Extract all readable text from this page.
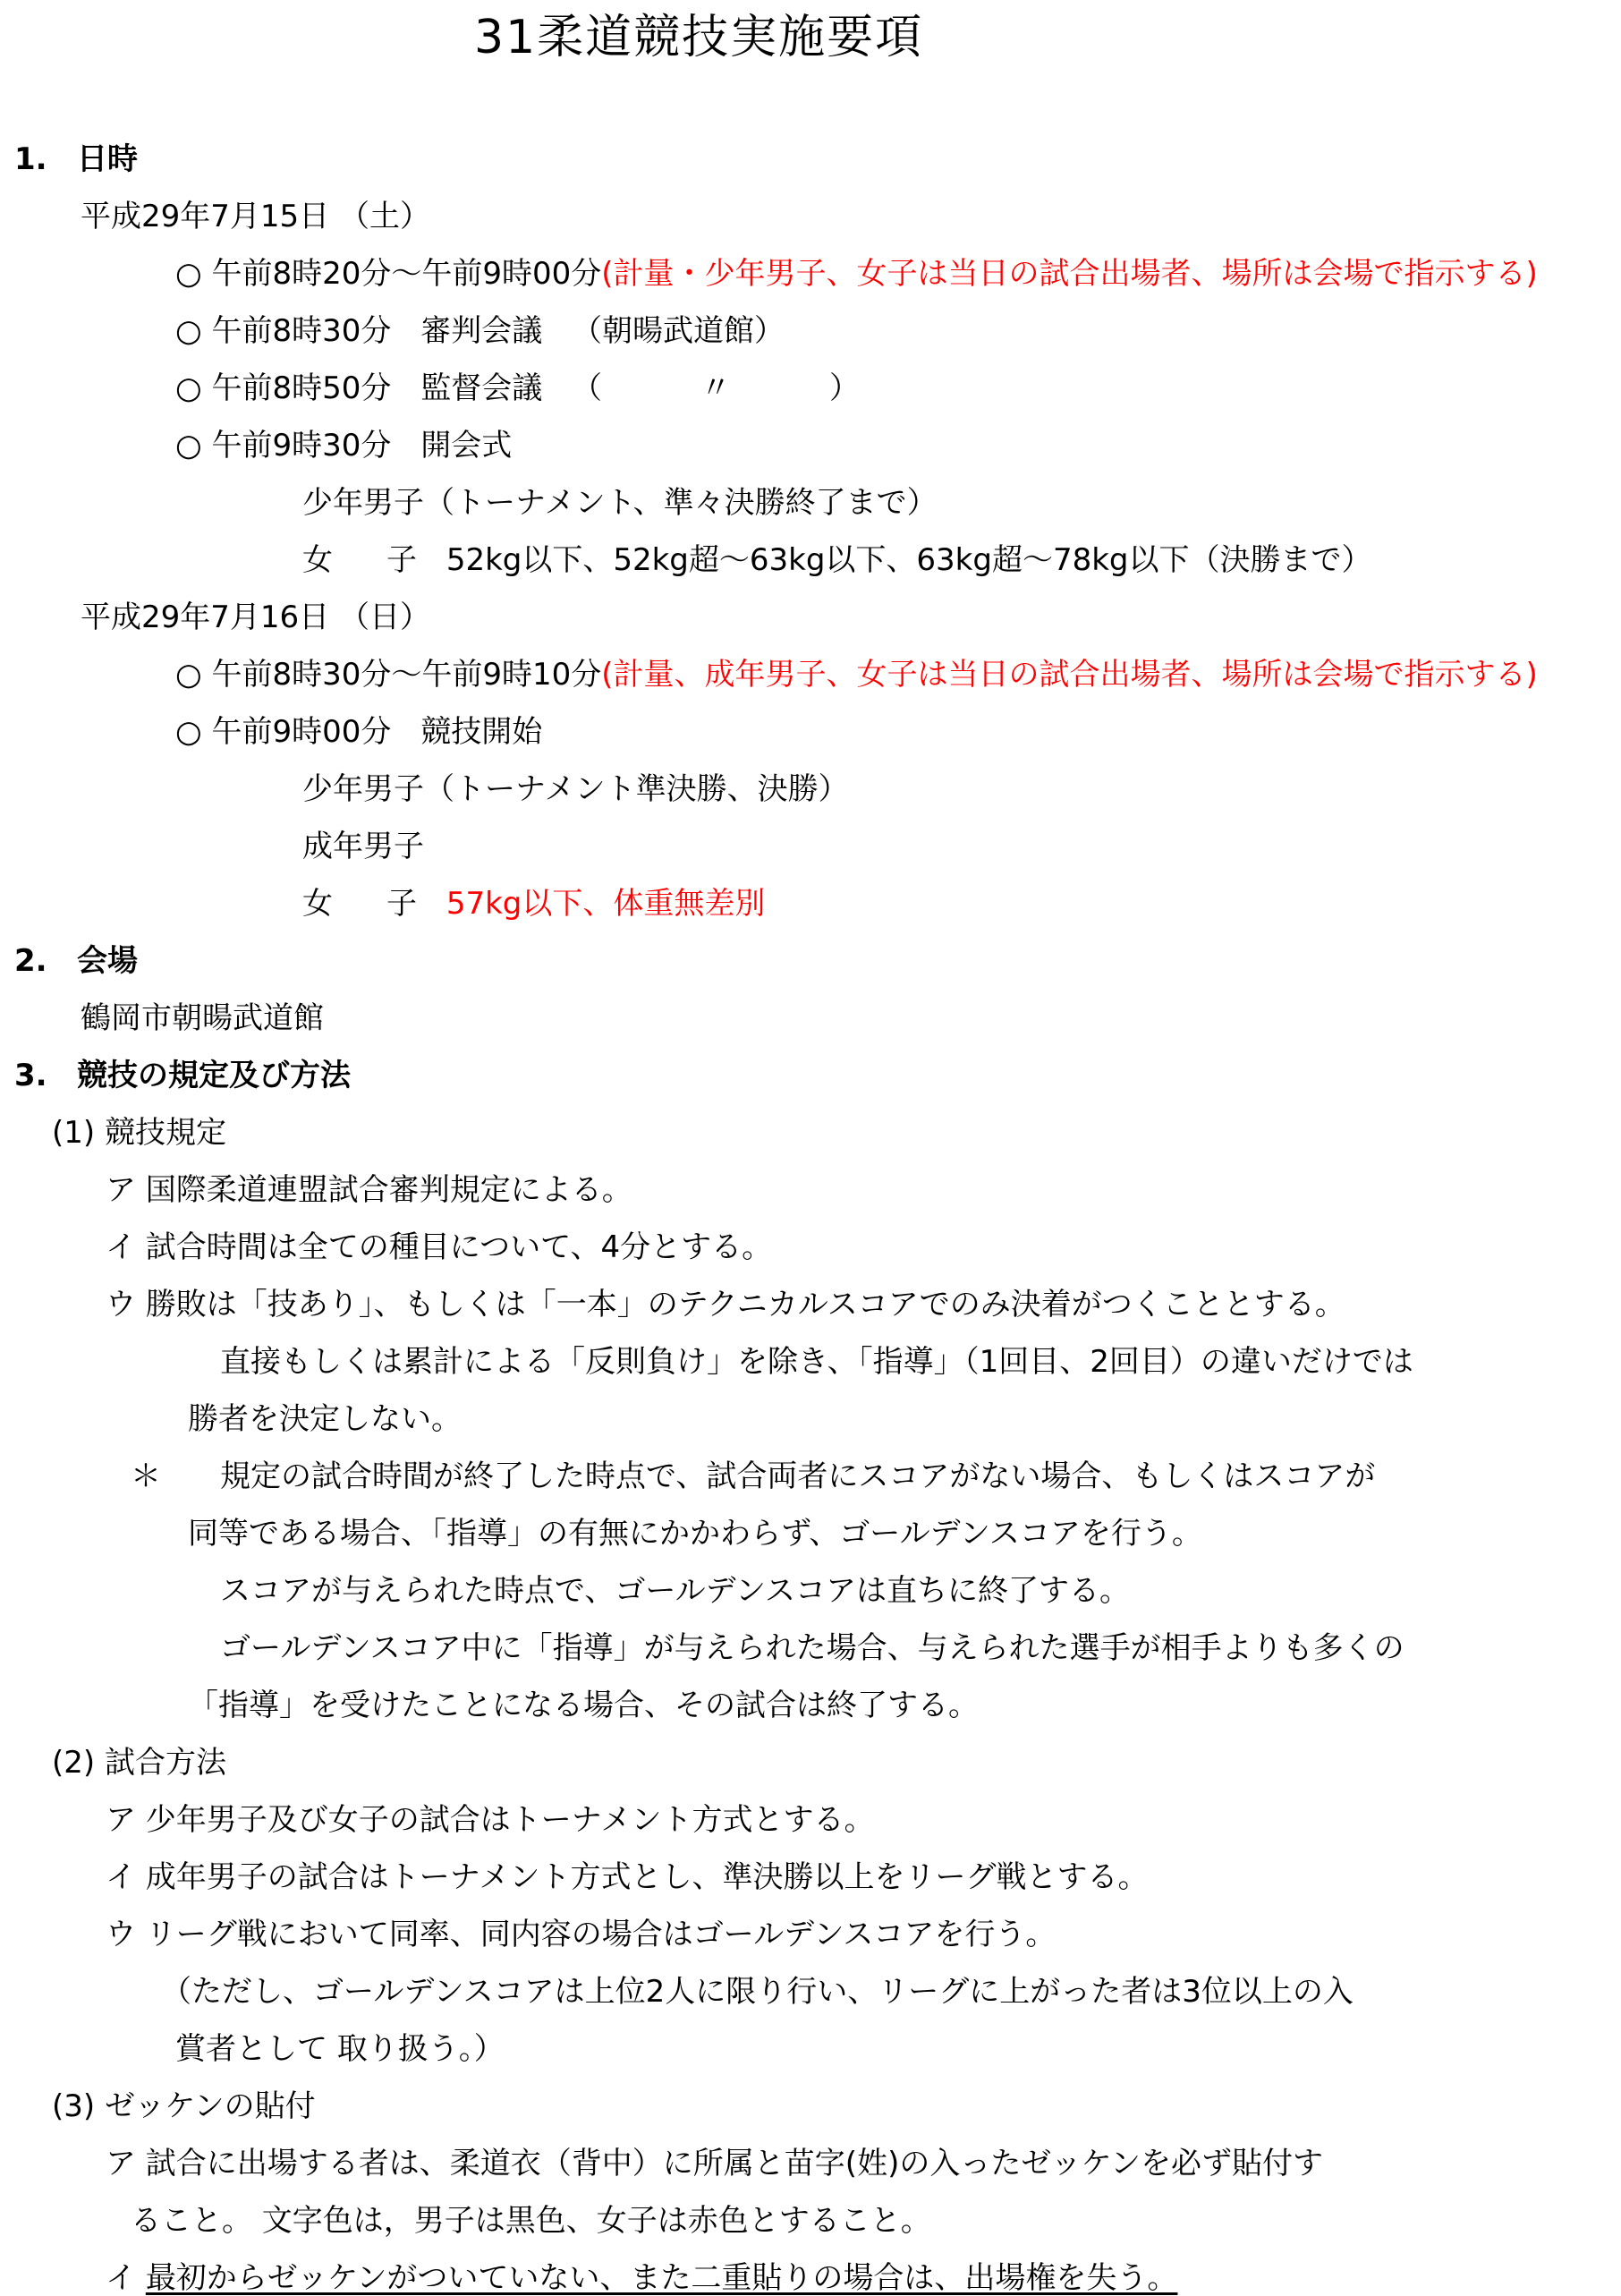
31柔道競技実施要項
1. 日時
平成29年7月15日 （土）
○ 午前8時20分～午前9時00分(計量・少年男子、女子は当日の試合出場者、場所は会場で指示する)
○ 午前8時30分 審判会議 （朝暘武道館）
○ 午前8時50分 監督会議 （	〃	）
○ 午前9時30分 開会式
少年男子（トーナメント、準々決勝終了まで）
女 子 52kg以下、52kg超～63kg以下、63kg超～78kg以下（決勝まで）
平成29年7月16日 （日）
○ 午前8時30分～午前9時10分(計量、成年男子、女子は当日の試合出場者、場所は会場で指示する)
○ 午前9時00分 競技開始
少年男子（トーナメント準決勝、決勝）
成年男子
女 子 57kg以下、体重無差別
2. 会場
鶴岡市朝暘武道館
3. 競技の規定及び方法
(1) 競技規定
ア 国際柔道連盟試合審判規定による。
イ 試合時間は全ての種目について、4分とする。
ウ 勝敗は「技あり」、もしくは「一本」のテクニカルスコアでのみ決着がつくこととする。
直接もしくは累計による「反則負け」を除き、「指導」（1回目、2回目）の違いだけでは
勝者を決定しない。
＊ 規定の試合時間が終了した時点で、試合両者にスコアがない場合、もしくはスコアが
同等である場合、「指導」の有無にかかわらず、ゴールデンスコアを行う。
スコアが与えられた時点で、ゴールデンスコアは直ちに終了する。
ゴールデンスコア中に「指導」が与えられた場合、与えられた選手が相手よりも多くの
「指導」を受けたことになる場合、その試合は終了する。
(2) 試合方法
ア 少年男子及び女子の試合はトーナメント方式とする。
イ 成年男子の試合はトーナメント方式とし、準決勝以上をリーグ戦とする。
ウ リーグ戦において同率、同内容の場合はゴールデンスコアを行う。
（ただし、ゴールデンスコアは上位2人に限り行い、リーグに上がった者は3位以上の入
賞者として 取り扱う。）
(3) ゼッケンの貼付
ア 試合に出場する者は、柔道衣（背中）に所属と苗字(姓)の入ったゼッケンを必ず貼付す
ること。 文字色は，男子は黒色、女子は赤色とすること。
イ 最初からゼッケンがついていない、また二重貼りの場合は、出場権を失う。
